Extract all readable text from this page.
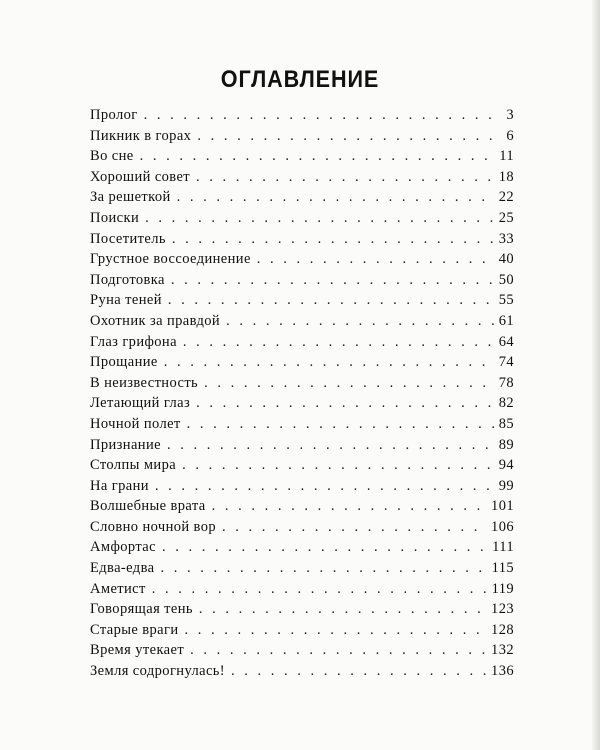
ОГЛАВЛЕНИЕ
Пролог . . .	3
Пикник в горах . . .	6
Во сне . . .	11
Хороший совет . . .	18
За решеткой . . .	22
Поиски . . .	25
Посетитель . . .	33
Грустное воссоединение . . .	40
Подготовка . . .	50
Руна теней . . .	55
Охотник за правдой . . .	61
Глаз грифона . . .	64
Прощание . . .	74
В неизвестность . . .	78
Летающий глаз . . .	82
Ночной полет . . .	85
Признание . . .	89
Столпы мира . . .	94
На грани . . .	99
Волшебные врата . . .	101
Словно ночной вор . . .	106
Амфортас . . .	111
Едва-едва . . .	115
Аметист . . .	119
Говорящая тень . . .	123
Старые враги . . .	128
Время утекает . . .	132
Земля содрогнулась! . . .	136
